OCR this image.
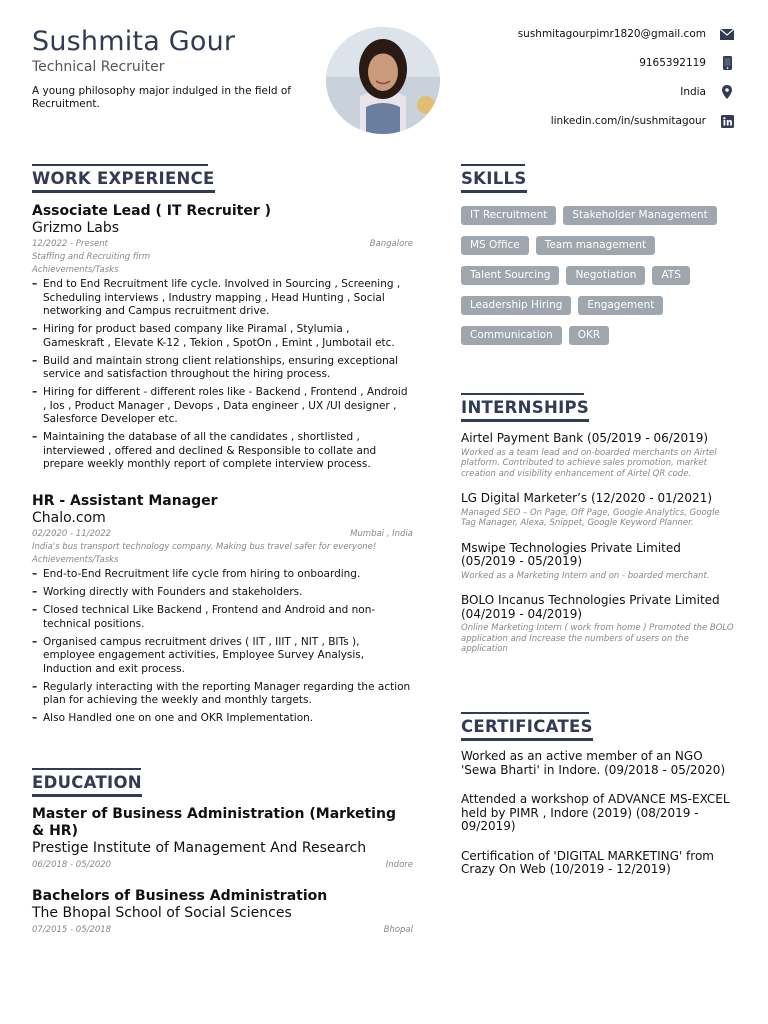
Sushmita Gour
Technical Recruiter
A young philosophy major indulged in the field of Recruitment.
sushmitagourpimr1820@gmail.com
9165392119
India
linkedin.com/in/sushmitagour
WORK EXPERIENCE
Associate Lead ( IT Recruiter )
Grizmo Labs
12/2022 - Present	Bangalore
Staffing and Recruiting firm
Achievements/Tasks
– End to End Recruitment life cycle. Involved in Sourcing , Screening , Scheduling interviews , Industry mapping , Head Hunting , Social networking and Campus recruitment drive.
– Hiring for product based company like Piramal , Stylumia , Gameskraft , Elevate K-12 , Tekion , SpotOn , Emint , Jumbotail etc.
– Build and maintain strong client relationships, ensuring exceptional service and satisfaction throughout the hiring process.
– Hiring for different - different roles like - Backend , Frontend , Android , Ios , Product Manager , Devops , Data engineer , UX /UI designer , Salesforce Developer etc.
– Maintaining the database of all the candidates , shortlisted , interviewed , offered and declined & Responsible to collate and prepare weekly monthly report of complete interview process.
HR - Assistant Manager
Chalo.com
02/2020 - 11/2022	Mumbai , India
India's bus transport technology company. Making bus travel safer for everyone!
Achievements/Tasks
– End-to-End Recruitment life cycle from hiring to onboarding.
– Working directly with Founders and stakeholders.
– Closed technical Like Backend , Frontend and Android and non-technical positions.
– Organised campus recruitment drives ( IIT , IIIT , NIT , BITs ), employee engagement activities, Employee Survey Analysis, Induction and exit process.
– Regularly interacting with the reporting Manager regarding the action plan for achieving the weekly and monthly targets.
– Also Handled one on one and OKR Implementation.
EDUCATION
Master of Business Administration (Marketing & HR)
Prestige Institute of Management And Research
06/2018 - 05/2020	Indore
Bachelors of Business Administration
The Bhopal School of Social Sciences
07/2015 - 05/2018	Bhopal
SKILLS
IT Recruitment	Stakeholder Management
MS Office	Team management
Talent Sourcing	Negotiation	ATS
Leadership Hiring	Engagement
Communication	OKR
INTERNSHIPS
Airtel Payment Bank (05/2019 - 06/2019)
Worked as a team lead and on-boarded merchants on Airtel platform. Contributed to achieve sales promotion, market creation and visibility enhancement of Airtel QR code.
LG Digital Marketer’s (12/2020 - 01/2021)
Managed SEO – On Page, Off Page, Google Analytics, Google Tag Manager, Alexa, Snippet, Google Keyword Planner.
Mswipe Technologies Private Limited (05/2019 - 05/2019)
Worked as a Marketing Intern and on - boarded merchant.
BOLO Incanus Technologies Private Limited (04/2019 - 04/2019)
Online Marketing Intern ( work from home ) Promoted the BOLO application and Increase the numbers of users on the application
CERTIFICATES
Worked as an active member of an NGO 'Sewa Bharti' in Indore. (09/2018 - 05/2020)
Attended a workshop of ADVANCE MS-EXCEL held by PIMR , Indore (2019) (08/2019 - 09/2019)
Certification of 'DIGITAL MARKETING' from Crazy On Web (10/2019 - 12/2019)
